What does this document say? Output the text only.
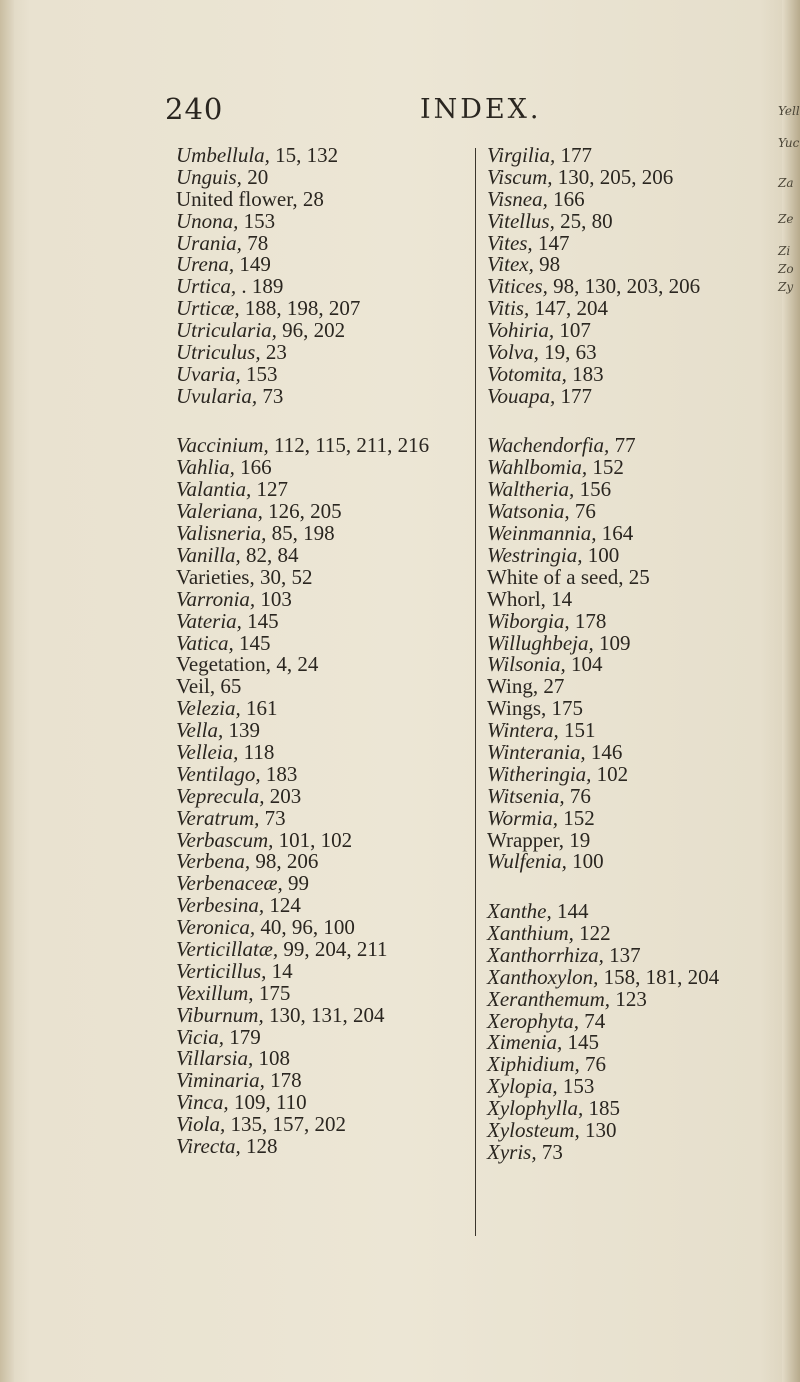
240	INDEX.
Umbellula, 15, 132
Unguis, 20
United flower, 28
Unona, 153
Urania, 78
Urena, 149
Urtica, . 189
Urticæ, 188, 198, 207
Utricularia, 96, 202
Utriculus, 23
Uvaria, 153
Uvularia, 73
Vaccinium, 112, 115, 211, 216
Vahlia, 166
Valantia, 127
Valeriana, 126, 205
Valisneria, 85, 198
Vanilla, 82, 84
Varieties, 30, 52
Varronia, 103
Vateria, 145
Vatica, 145
Vegetation, 4, 24
Veil, 65
Velezia, 161
Vella, 139
Velleia, 118
Ventilago, 183
Veprecula, 203
Veratrum, 73
Verbascum, 101, 102
Verbena, 98, 206
Verbenaceæ, 99
Verbesina, 124
Veronica, 40, 96, 100
Verticillatæ, 99, 204, 211
Verticillus, 14
Vexillum, 175
Viburnum, 130, 131, 204
Vicia, 179
Villarsia, 108
Viminaria, 178
Vinca, 109, 110
Viola, 135, 157, 202
Virecta, 128
Virgilia, 177
Viscum, 130, 205, 206
Visnea, 166
Vitellus, 25, 80
Vites, 147
Vitex, 98
Vitices, 98, 130, 203, 206
Vitis, 147, 204
Vohiria, 107
Volva, 19, 63
Votomita, 183
Vouapa, 177
Wachendorfia, 77
Wahlbomia, 152
Waltheria, 156
Watsonia, 76
Weinmannia, 164
Westringia, 100
White of a seed, 25
Whorl, 14
Wiborgia, 178
Willughbeja, 109
Wilsonia, 104
Wing, 27
Wings, 175
Wintera, 151
Winterania, 146
Witheringia, 102
Witsenia, 76
Wormia, 152
Wrapper, 19
Wulfenia, 100
Xanthe, 144
Xanthium, 122
Xanthorrhiza, 137
Xanthoxylon, 158, 181, 204
Xeranthemum, 123
Xerophyta, 74
Ximenia, 145
Xiphidium, 76
Xylopia, 153
Xylophylla, 185
Xylosteum, 130
Xyris, 73
Yell
Yuc
Za
Ze
Zi
Zo
Zy
